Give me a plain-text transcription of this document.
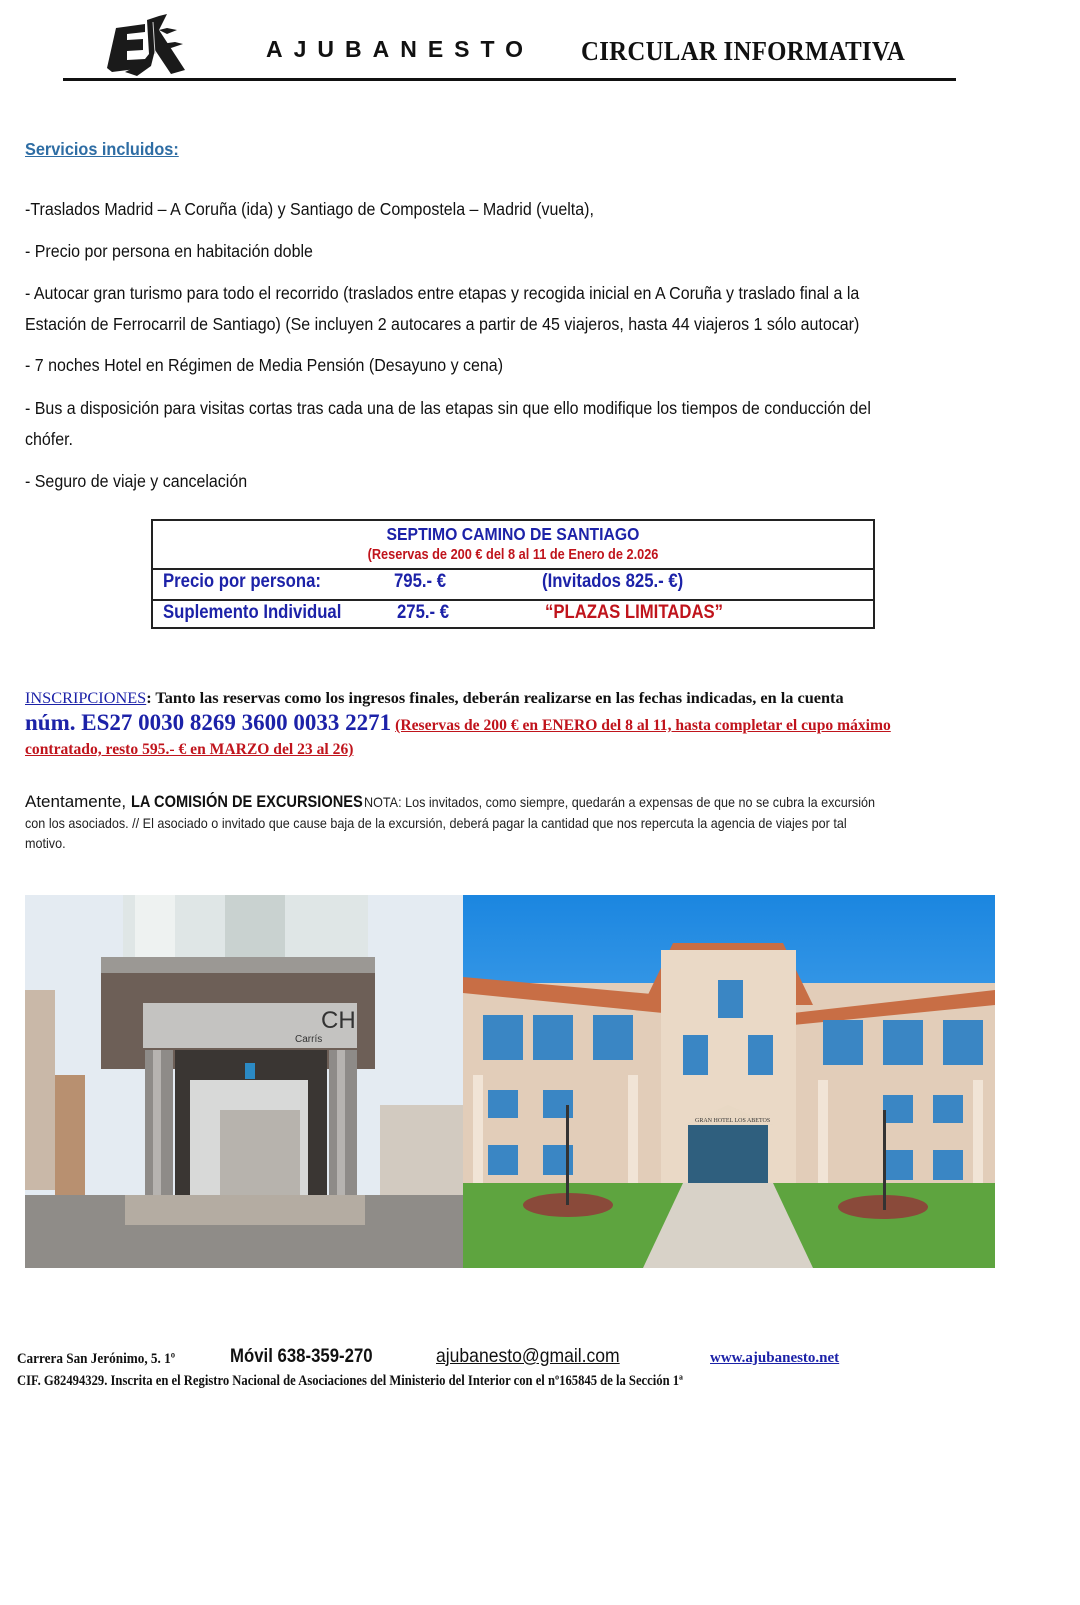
AJUBANESTO CIRCULAR INFORMATIVA
Servicios incluidos:
-Traslados Madrid – A Coruña (ida) y Santiago de Compostela – Madrid (vuelta),
- Precio por persona en habitación doble
- Autocar gran turismo para todo el recorrido (traslados entre etapas y recogida inicial en A Coruña y traslado final a la
Estación de Ferrocarril de Santiago) (Se incluyen 2 autocares a partir de 45 viajeros, hasta 44 viajeros 1 sólo autocar)
- 7 noches Hotel en Régimen de Media Pensión (Desayuno y cena)
- Bus a disposición para visitas cortas tras cada una de las etapas sin que ello modifique los tiempos de conducción del
chófer.
- Seguro de viaje y cancelación
SEPTIMO CAMINO DE SANTIAGO
(Reservas de 200 € del 8 al 11 de Enero de 2.026
Precio por persona:	795.- €	(Invitados 825.- €)
Suplemento Individual	275.- €	“PLAZAS LIMITADAS”
INSCRIPCIONES: Tanto las reservas como los ingresos finales, deberán realizarse en las fechas indicadas, en la cuenta
núm. ES27 0030 8269 3600 0033 2271 (Reservas de 200 € en ENERO del 8 al 11, hasta completar el cupo máximo
contratado, resto 595.- € en MARZO del 23 al 26)
Atentamente, LA COMISIÓN DE EXCURSIONESNOTA: Los invitados, como siempre, quedarán a expensas de que no se cubra la excursión
con los asociados. // El asociado o invitado que cause baja de la excursión, deberá pagar la cantidad que nos repercuta la agencia de viajes por tal
motivo.
CH
Carrís
GRAN HOTEL LOS ABETOS
Carrera San Jerónimo, 5. 1º	Móvil 638-359-270	ajubanesto@gmail.com	www.ajubanesto.net
CIF. G82494329. Inscrita en el Registro Nacional de Asociaciones del Ministerio del Interior con el nº165845 de la Sección 1ª
